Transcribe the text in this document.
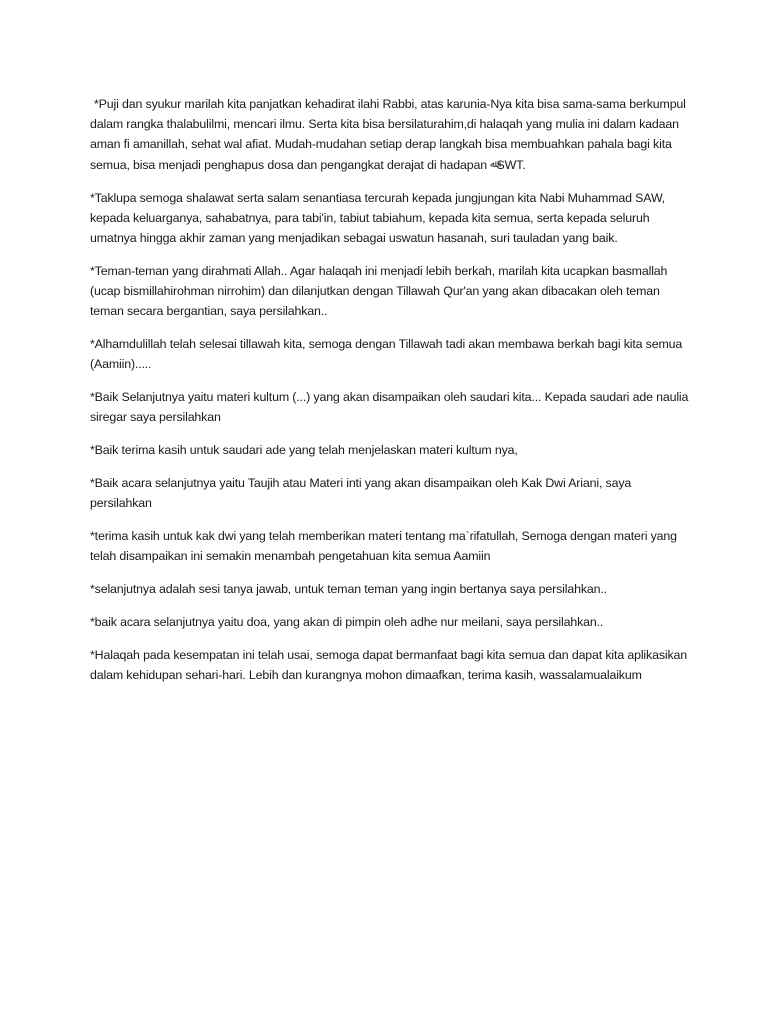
*Puji dan syukur marilah kita panjatkan kehadirat ilahi Rabbi, atas karunia-Nya kita bisa sama-sama berkumpul dalam rangka thalabulilmi, mencari ilmu. Serta kita bisa bersilaturahim,di halaqah yang mulia ini dalam kadaan aman fi amanillah, sehat wal afiat. Mudah-mudahan setiap derap langkah bisa membuahkan pahala bagi kita semua, bisa menjadi penghapus dosa dan pengangkat derajat di hadapan ﷲSWT.

*Taklupa semoga shalawat serta salam senantiasa tercurah kepada jungjungan kita Nabi Muhammad SAW, kepada keluarganya, sahabatnya, para tabi'in, tabiut tabiahum, kepada kita semua, serta kepada seluruh umatnya hingga akhir zaman yang menjadikan sebagai uswatun hasanah, suri tauladan yang baik.

*Teman-teman yang dirahmati Allah.. Agar halaqah ini menjadi lebih berkah, marilah kita ucapkan basmallah (ucap bismillahirohman nirrohim) dan dilanjutkan dengan Tillawah Qur'an yang akan dibacakan oleh teman teman secara bergantian, saya persilahkan..

*Alhamdulillah telah selesai tillawah kita, semoga dengan Tillawah tadi akan membawa berkah bagi kita semua (Aamiin).....

*Baik Selanjutnya yaitu materi kultum (...) yang akan disampaikan oleh saudari kita... Kepada saudari ade naulia siregar saya persilahkan

*Baik terima kasih untuk saudari ade yang telah menjelaskan materi kultum nya,

*Baik acara selanjutnya yaitu Taujih atau Materi inti yang akan disampaikan oleh Kak Dwi Ariani, saya persilahkan

*terima kasih untuk kak dwi yang telah memberikan materi tentang ma`rifatullah, Semoga dengan materi yang telah disampaikan ini semakin menambah pengetahuan kita semua Aamiin

*selanjutnya adalah sesi tanya jawab, untuk teman teman yang ingin bertanya saya persilahkan..

*baik acara selanjutnya yaitu doa, yang akan di pimpin oleh adhe nur meilani, saya persilahkan..

*Halaqah pada kesempatan ini telah usai, semoga dapat bermanfaat bagi kita semua dan dapat kita aplikasikan dalam kehidupan sehari-hari. Lebih dan kurangnya mohon dimaafkan, terima kasih, wassalamualaikum
